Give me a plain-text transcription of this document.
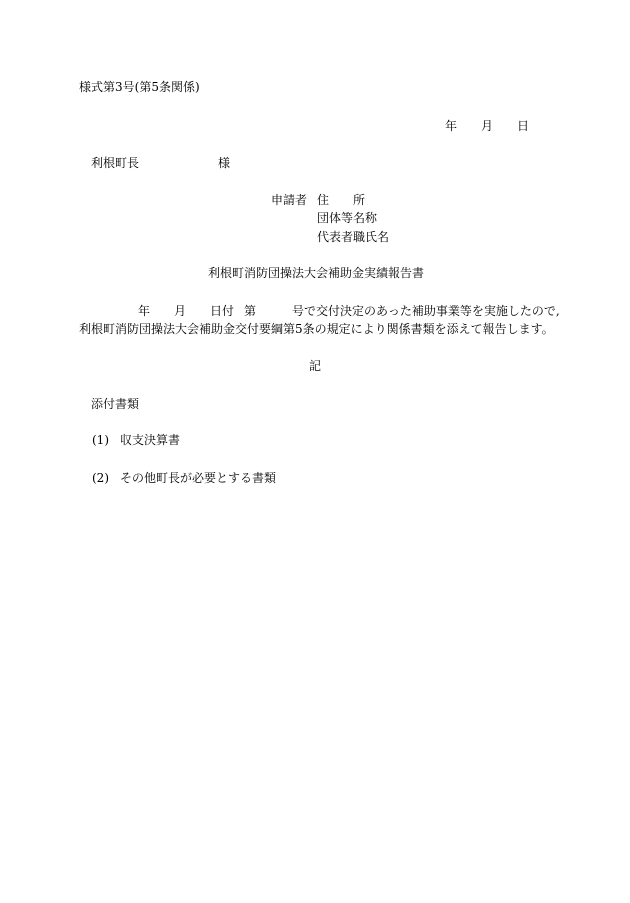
様式第3号(第5条関係)
年 月 日
利根町長	様
申請者 住　　所
団体等名称
代表者職氏名
利根町消防団操法大会補助金実績報告書
年 月 日付 第	号で交付決定のあった補助事業等を実施したので,
利根町消防団操法大会補助金交付要綱第5条の規定により関係書類を添えて報告します。
記
添付書類
(1) 収支決算書
(2) その他町長が必要とする書類
